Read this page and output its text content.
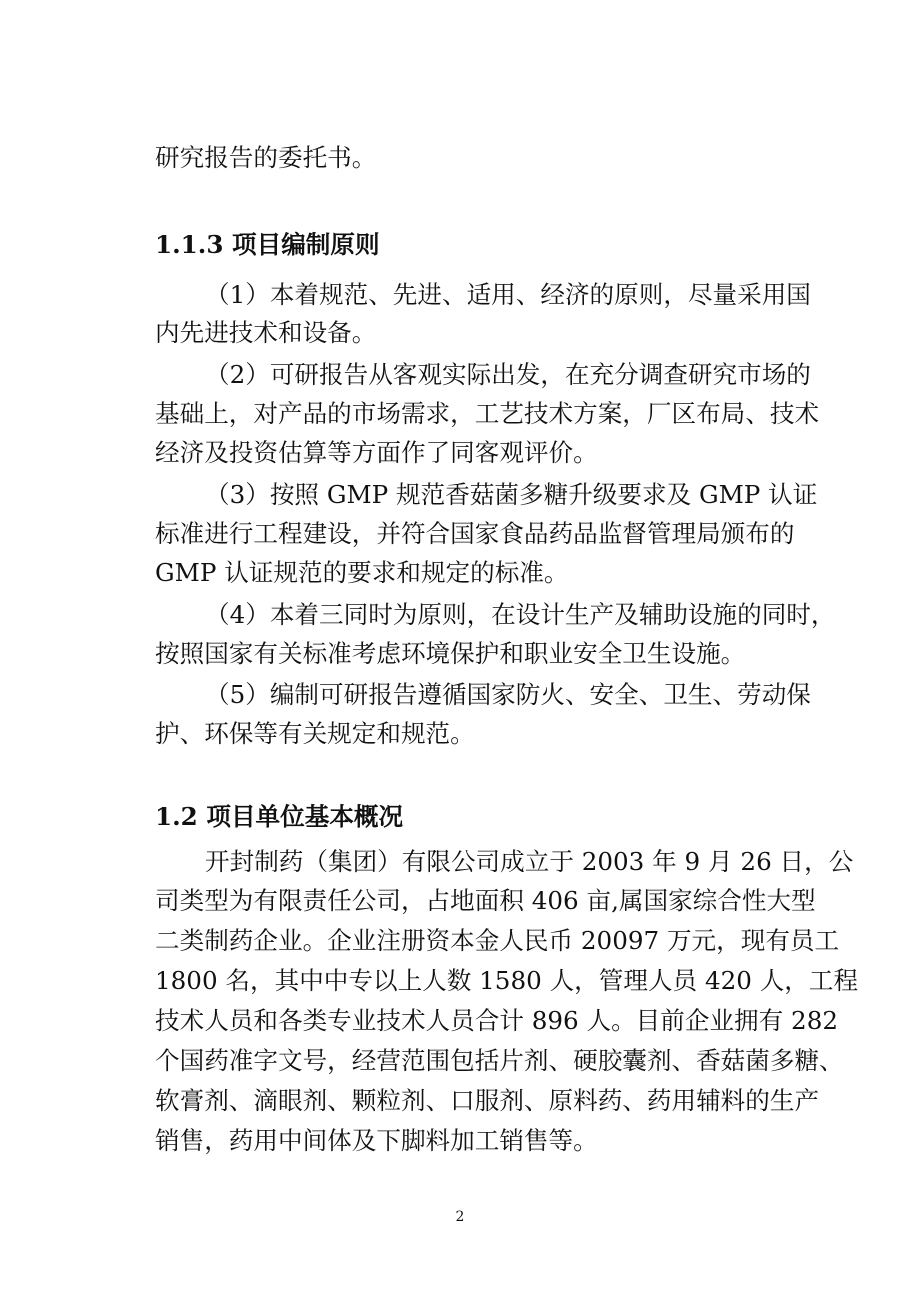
研究报告的委托书。
1.1.3 项目编制原则
（1）本着规范、先进、适用、经济的原则，尽量采用国
内先进技术和设备。
（2）可研报告从客观实际出发，在充分调查研究市场的
基础上，对产品的市场需求，工艺技术方案，厂区布局、技术
经济及投资估算等方面作了同客观评价。
（3）按照 GMP 规范香菇菌多糖升级要求及 GMP 认证
标准进行工程建设，并符合国家食品药品监督管理局颁布的
GMP 认证规范的要求和规定的标准。
（4）本着三同时为原则，在设计生产及辅助设施的同时，
按照国家有关标准考虑环境保护和职业安全卫生设施。
（5）编制可研报告遵循国家防火、安全、卫生、劳动保
护、环保等有关规定和规范。
1.2 项目单位基本概况
开封制药（集团）有限公司成立于 2003 年 9 月 26 日，公
司类型为有限责任公司，占地面积 406 亩,属国家综合性大型
二类制药企业。企业注册资本金人民币 20097 万元，现有员工
1800 名，其中中专以上人数 1580 人，管理人员 420 人，工程
技术人员和各类专业技术人员合计 896 人。目前企业拥有 282
个国药准字文号，经营范围包括片剂、硬胶囊剂、香菇菌多糖、
软膏剂、滴眼剂、颗粒剂、口服剂、原料药、药用辅料的生产
销售，药用中间体及下脚料加工销售等。
2
